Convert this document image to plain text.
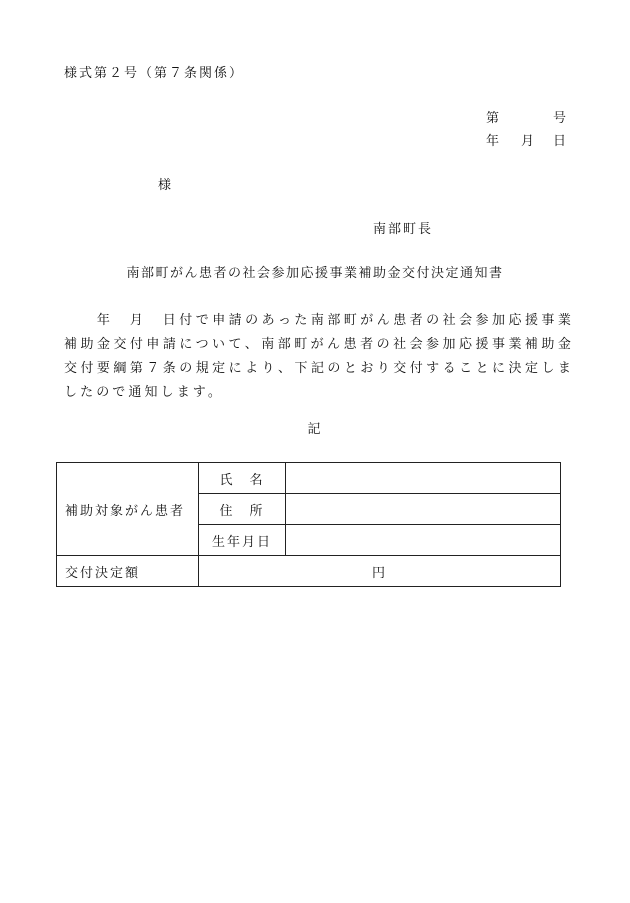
様式第２号（第７条関係）
第	号
年 月 日
様
南部町長
南部町がん患者の社会参加応援事業補助金交付決定通知書
　　年　月　日付で申請のあった南部町がん患者の社会参加応援事業補助金交付申請について、南部町がん患者の社会参加応援事業補助金交付要綱第７条の規定により、下記のとおり交付することに決定しましたので通知します。
記
補助対象がん患者	氏　名	
	住　所	
	生年月日	
交付決定額	円	
